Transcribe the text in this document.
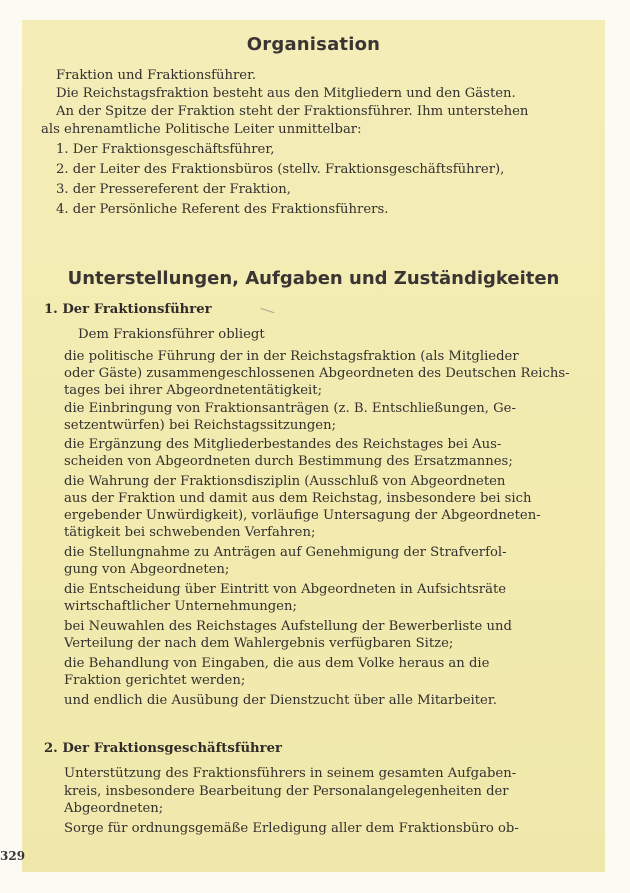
Organisation
Fraktion und Fraktionsführer.
Die Reichstagsfraktion besteht aus den Mitgliedern und den Gästen.
An der Spitze der Fraktion steht der Fraktionsführer. Ihm unterstehen
als ehrenamtliche Politische Leiter unmittelbar:
1. Der Fraktionsgeschäftsführer,
2. der Leiter des Fraktionsbüros (stellv. Fraktionsgeschäftsführer),
3. der Pressereferent der Fraktion,
4. der Persönliche Referent des Fraktionsführers.
Unterstellungen, Aufgaben und Zuständigkeiten
1. Der Fraktionsführer
Dem Frakionsführer obliegt
die politische Führung der in der Reichstagsfraktion (als Mitglieder
oder Gäste) zusammengeschlossenen Abgeordneten des Deutschen Reichs-
tages bei ihrer Abgeordnetentätigkeit;
die Einbringung von Fraktionsanträgen (z. B. Entschließungen, Ge-
setzentwürfen) bei Reichstagssitzungen;
die Ergänzung des Mitgliederbestandes des Reichstages bei Aus-
scheiden von Abgeordneten durch Bestimmung des Ersatzmannes;
die Wahrung der Fraktionsdisziplin (Ausschluß von Abgeordneten
aus der Fraktion und damit aus dem Reichstag, insbesondere bei sich
ergebender Unwürdigkeit), vorläufige Untersagung der Abgeordneten-
tätigkeit bei schwebenden Verfahren;
die Stellungnahme zu Anträgen auf Genehmigung der Strafverfol-
gung von Abgeordneten;
die Entscheidung über Eintritt von Abgeordneten in Aufsichtsräte
wirtschaftlicher Unternehmungen;
bei Neuwahlen des Reichstages Aufstellung der Bewerberliste und
Verteilung der nach dem Wahlergebnis verfügbaren Sitze;
die Behandlung von Eingaben, die aus dem Volke heraus an die
Fraktion gerichtet werden;
und endlich die Ausübung der Dienstzucht über alle Mitarbeiter.
2. Der Fraktionsgeschäftsführer
Unterstützung des Fraktionsführers in seinem gesamten Aufgaben-
kreis, insbesondere Bearbeitung der Personalangelegenheiten der
Abgeordneten;
Sorge für ordnungsgemäße Erledigung aller dem Fraktionsbüro ob-
329
